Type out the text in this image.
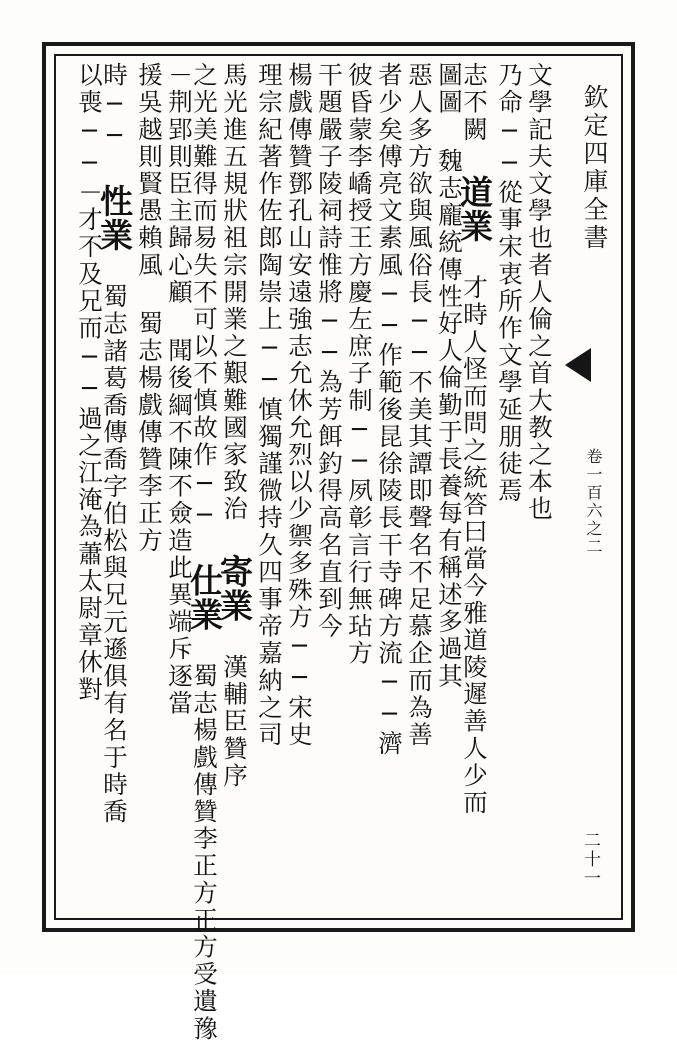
欽定四庫全書
卷一百六之二
二十一
文學記夫文學也者人倫之首大教之本也
乃命──從事宋衷所作文學延朋徒焉
志不闕 道業 才時人怪而問之統答曰當今雅道陵遲善人少而
圖圖 魏志龐統傳性好人倫勤于長養每有稱述多過其
惡人多方欲與風俗長──不美其譚即聲名不足慕企而為善
者少矣傅亮文素風──作範後昆徐陵長干寺碑方流──濟
彼昏蒙李嶠授王方慶左庶子制──夙彰言行無玷方
干題嚴子陵祠詩惟將──為芳餌釣得高名直到今
楊戲傳贊鄧孔山安遠強志允休允烈以少禦多殊方──宋史
理宗紀著作佐郎陶崇上──慎獨謹微持久四事帝嘉納之司
馬光進五規狀祖宗開業之艱難國家致治 寄業 漢輔臣贊序
之光美難得而易失不可以不慎故作── 仕業 蜀志楊戲傳贊李正方正方受遺豫
－荆郢則臣主歸心顧 聞後綱不陳不僉造此異端斥逐當
援吳越則賢愚賴風 蜀志楊戲傳贊李正方
時── 性業 蜀志諸葛喬傳喬字伯松與兄元遜俱有名于時喬
以喪──－才不及兄而──過之江淹為蕭太尉章休對
